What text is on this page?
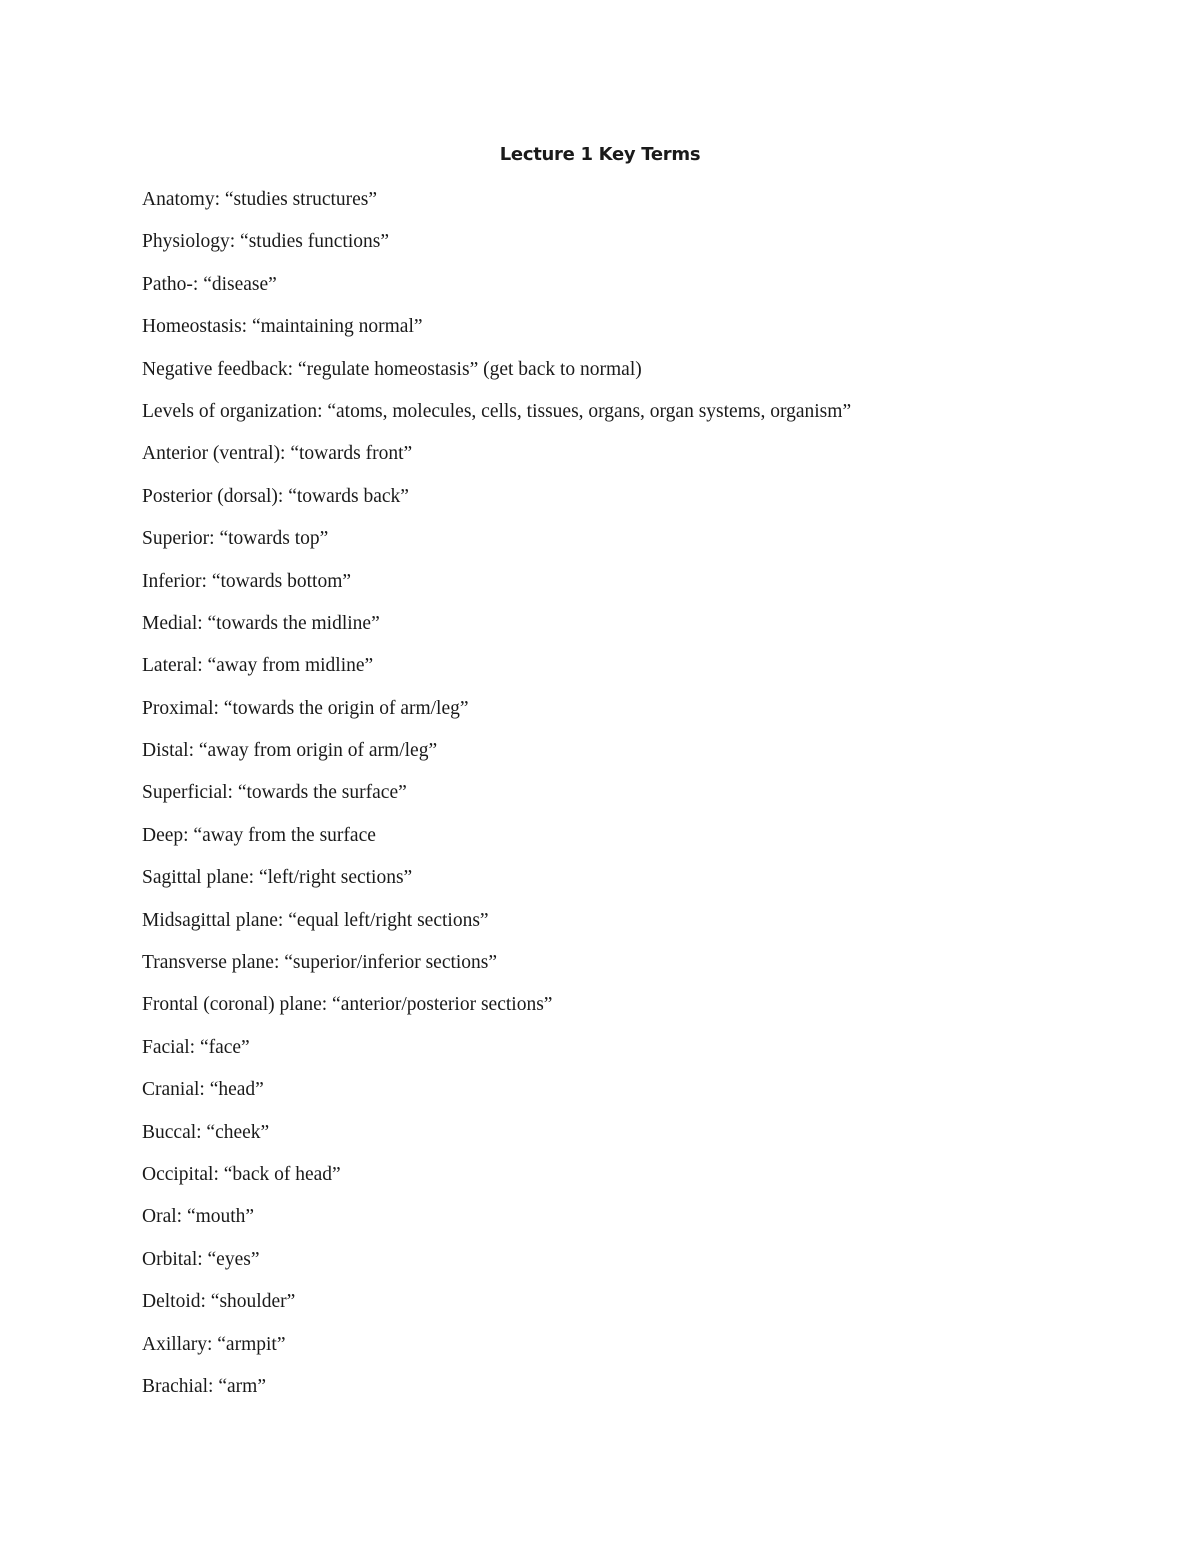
Lecture 1 Key Terms
Anatomy: “studies structures”
Physiology: “studies functions”
Patho-: “disease”
Homeostasis: “maintaining normal”
Negative feedback: “regulate homeostasis” (get back to normal)
Levels of organization: “atoms, molecules, cells, tissues, organs, organ systems, organism”
Anterior (ventral): “towards front”
Posterior (dorsal): “towards back”
Superior: “towards top”
Inferior: “towards bottom”
Medial: “towards the midline”
Lateral: “away from midline”
Proximal: “towards the origin of arm/leg”
Distal: “away from origin of arm/leg”
Superficial: “towards the surface”
Deep: “away from the surface
Sagittal plane: “left/right sections”
Midsagittal plane: “equal left/right sections”
Transverse plane: “superior/inferior sections”
Frontal (coronal) plane: “anterior/posterior sections”
Facial: “face”
Cranial: “head”
Buccal: “cheek”
Occipital: “back of head”
Oral: “mouth”
Orbital: “eyes”
Deltoid: “shoulder”
Axillary: “armpit”
Brachial: “arm”
